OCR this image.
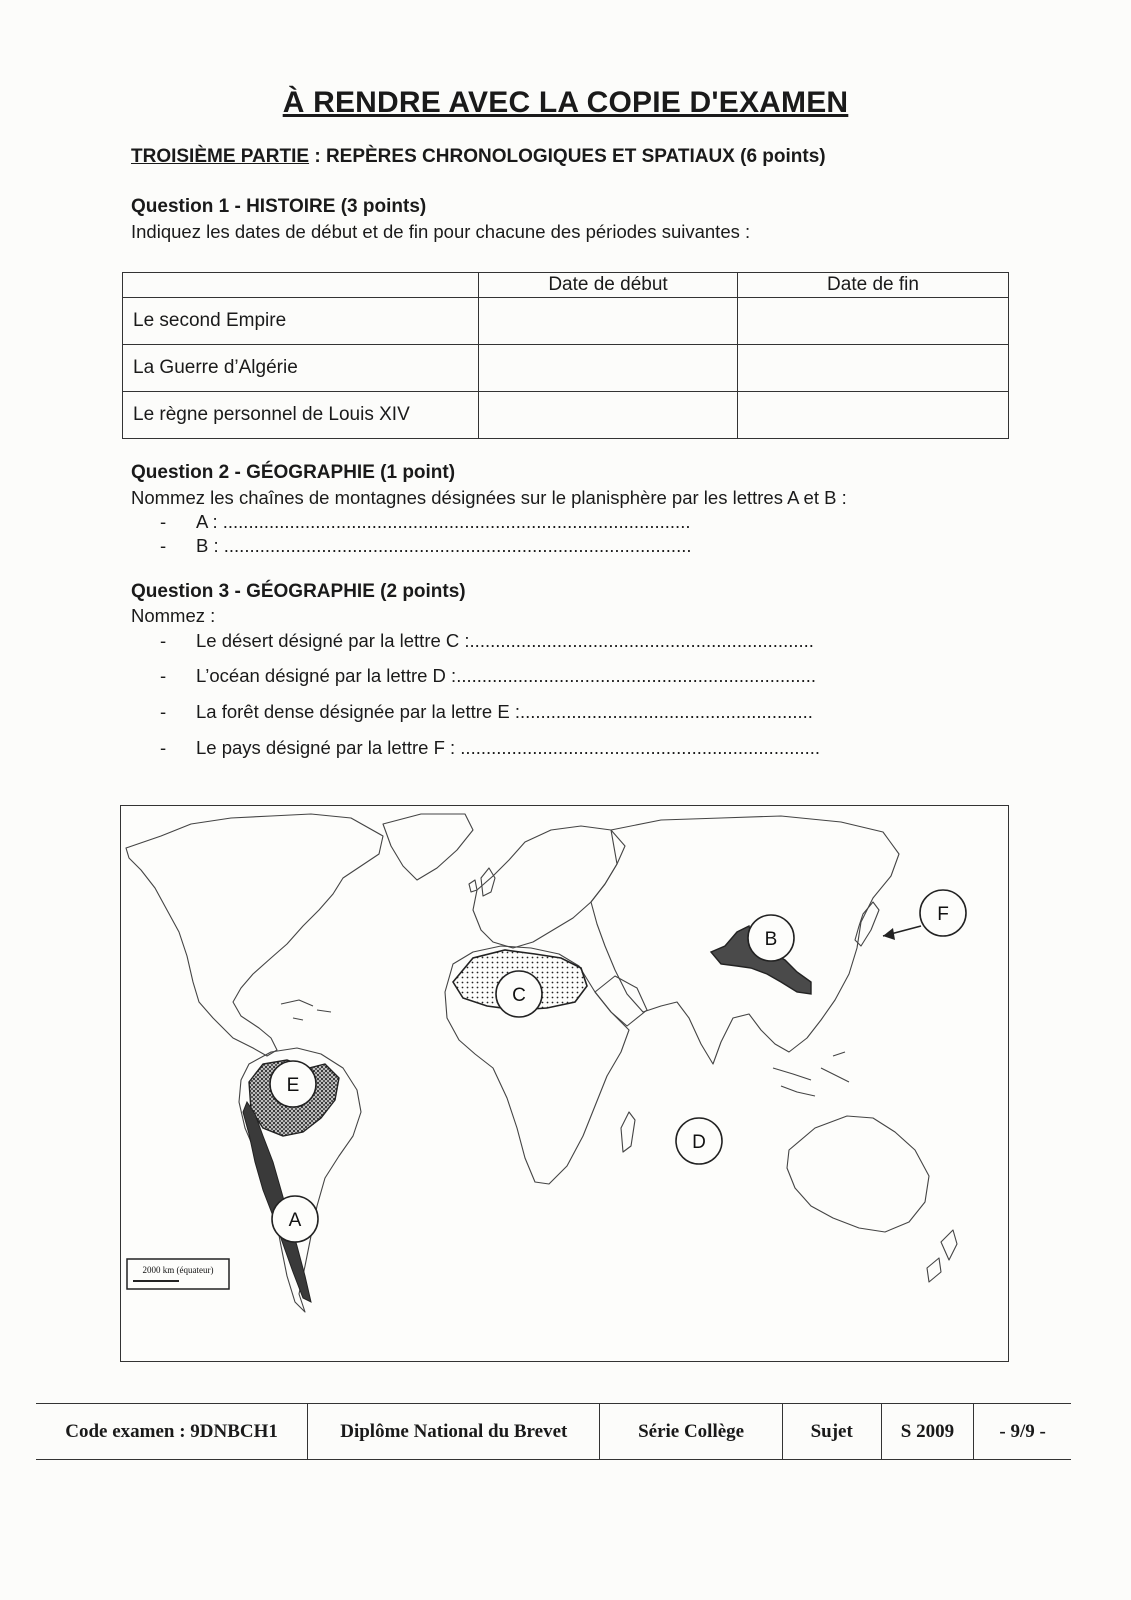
À RENDRE AVEC LA COPIE D'EXAMEN
TROISIÈME PARTIE : REPÈRES CHRONOLOGIQUES ET SPATIAUX (6 points)
Question 1 - HISTOIRE (3 points)
Indiquez les dates de début et de fin pour chacune des périodes suivantes :
	Date de début	Date de fin
Le second Empire		
La Guerre d’Algérie		
Le règne personnel de Louis XIV		
Question 2 - GÉOGRAPHIE (1 point)
Nommez les chaînes de montagnes désignées sur le planisphère par les lettres A et B :
- A : ...........................................................................................
- B : ...........................................................................................
Question 3 - GÉOGRAPHIE (2 points)
Nommez :
- Le désert désigné par la lettre C :...................................................................
- L’océan désigné par la lettre D :......................................................................
- La forêt dense désignée par la lettre E :.........................................................
- Le pays désigné par la lettre F : ......................................................................
A
B
C
D
E
F
2000 km (équateur)
Code examen : 9DNBCH1	Diplôme National du Brevet	Série Collège	Sujet	S 2009	- 9/9 -
